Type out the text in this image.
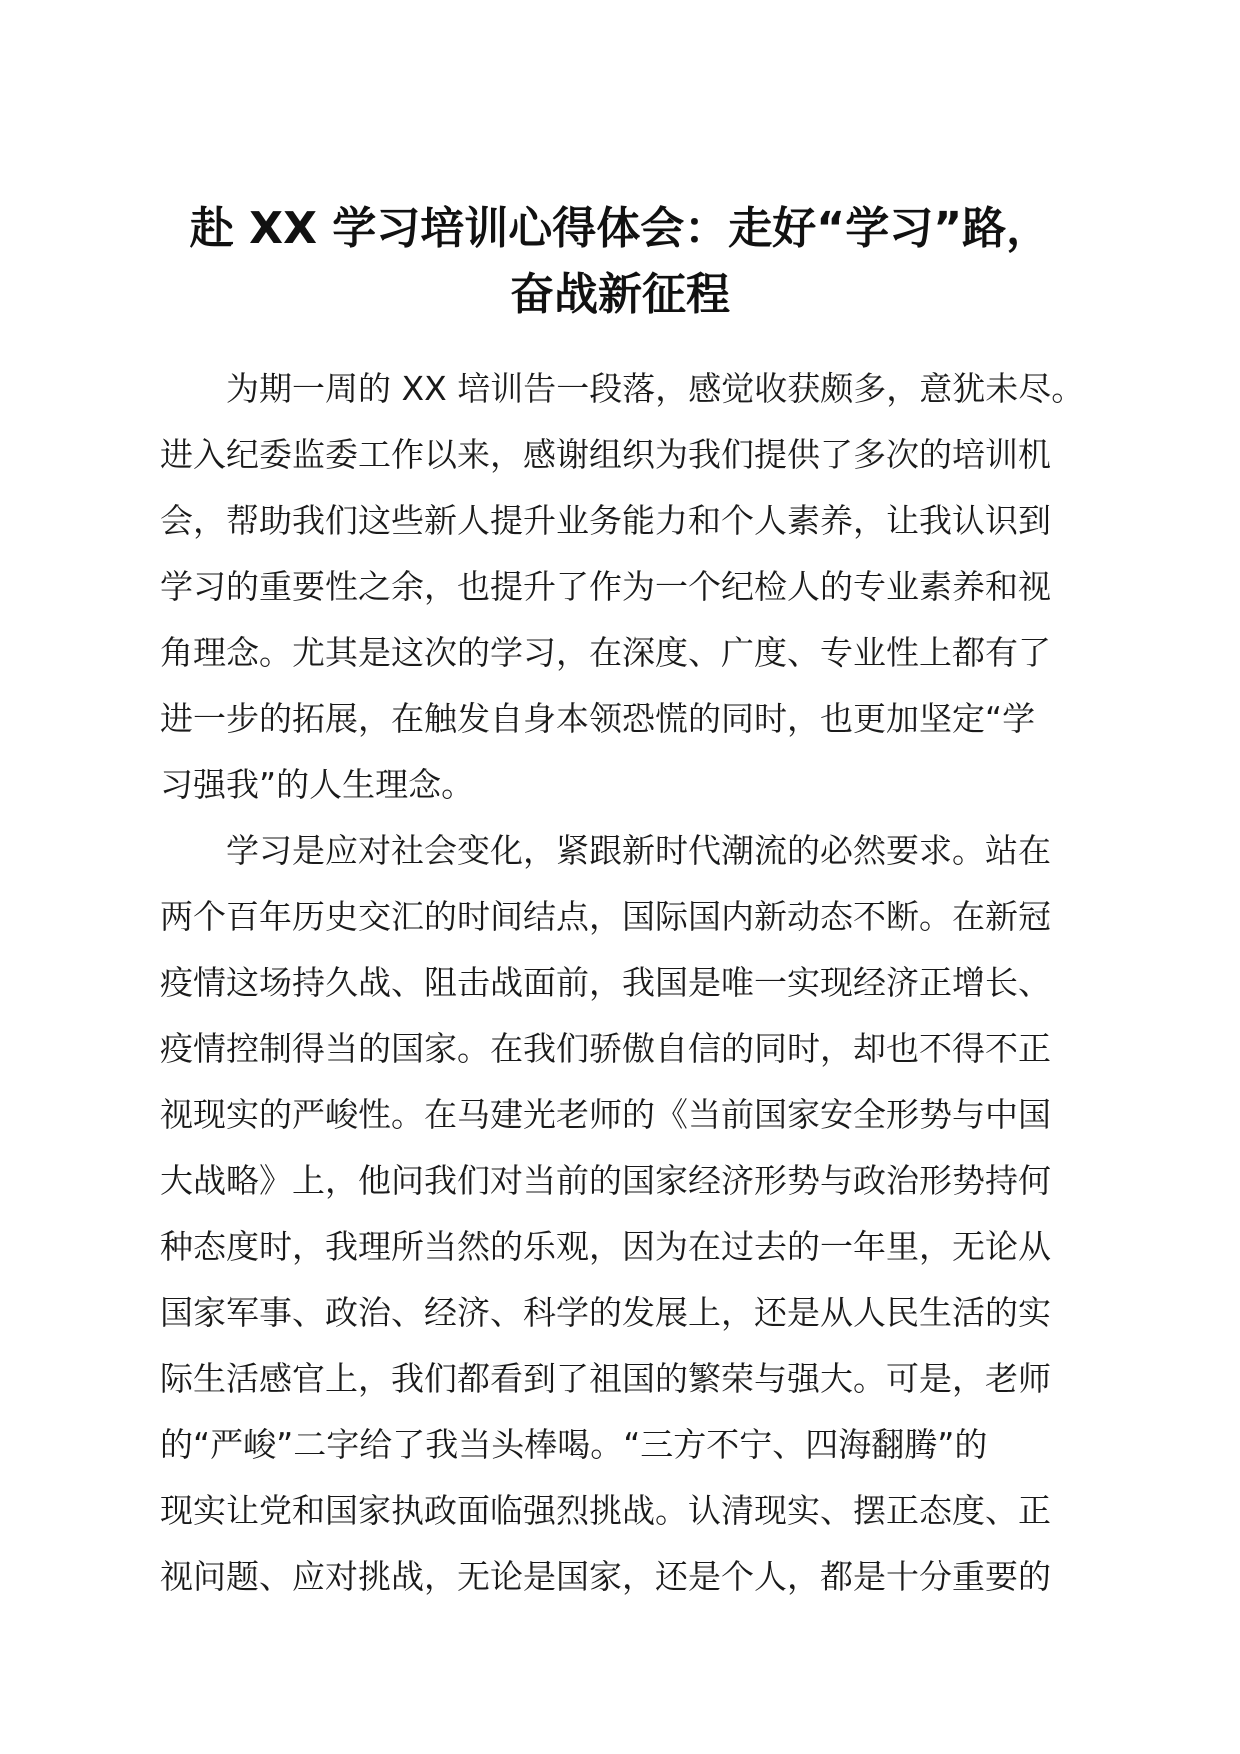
赴 XX 学习培训心得体会：走好“学习”路，
奋战新征程
为期一周的 XX 培训告一段落，感觉收获颇多，意犹未尽。
进入纪委监委工作以来，感谢组织为我们提供了多次的培训机
会，帮助我们这些新人提升业务能力和个人素养，让我认识到
学习的重要性之余，也提升了作为一个纪检人的专业素养和视
角理念。尤其是这次的学习，在深度、广度、专业性上都有了
进一步的拓展，在触发自身本领恐慌的同时，也更加坚定“学
习强我”的人生理念。
学习是应对社会变化，紧跟新时代潮流的必然要求。站在
两个百年历史交汇的时间结点，国际国内新动态不断。在新冠
疫情这场持久战、阻击战面前，我国是唯一实现经济正增长、
疫情控制得当的国家。在我们骄傲自信的同时，却也不得不正
视现实的严峻性。在马建光老师的《当前国家安全形势与中国
大战略》上，他问我们对当前的国家经济形势与政治形势持何
种态度时，我理所当然的乐观，因为在过去的一年里，无论从
国家军事、政治、经济、科学的发展上，还是从人民生活的实
际生活感官上，我们都看到了祖国的繁荣与强大。可是，老师
的“严峻”二字给了我当头棒喝。“三方不宁、四海翻腾”的
现实让党和国家执政面临强烈挑战。认清现实、摆正态度、正
视问题、应对挑战，无论是国家，还是个人，都是十分重要的
